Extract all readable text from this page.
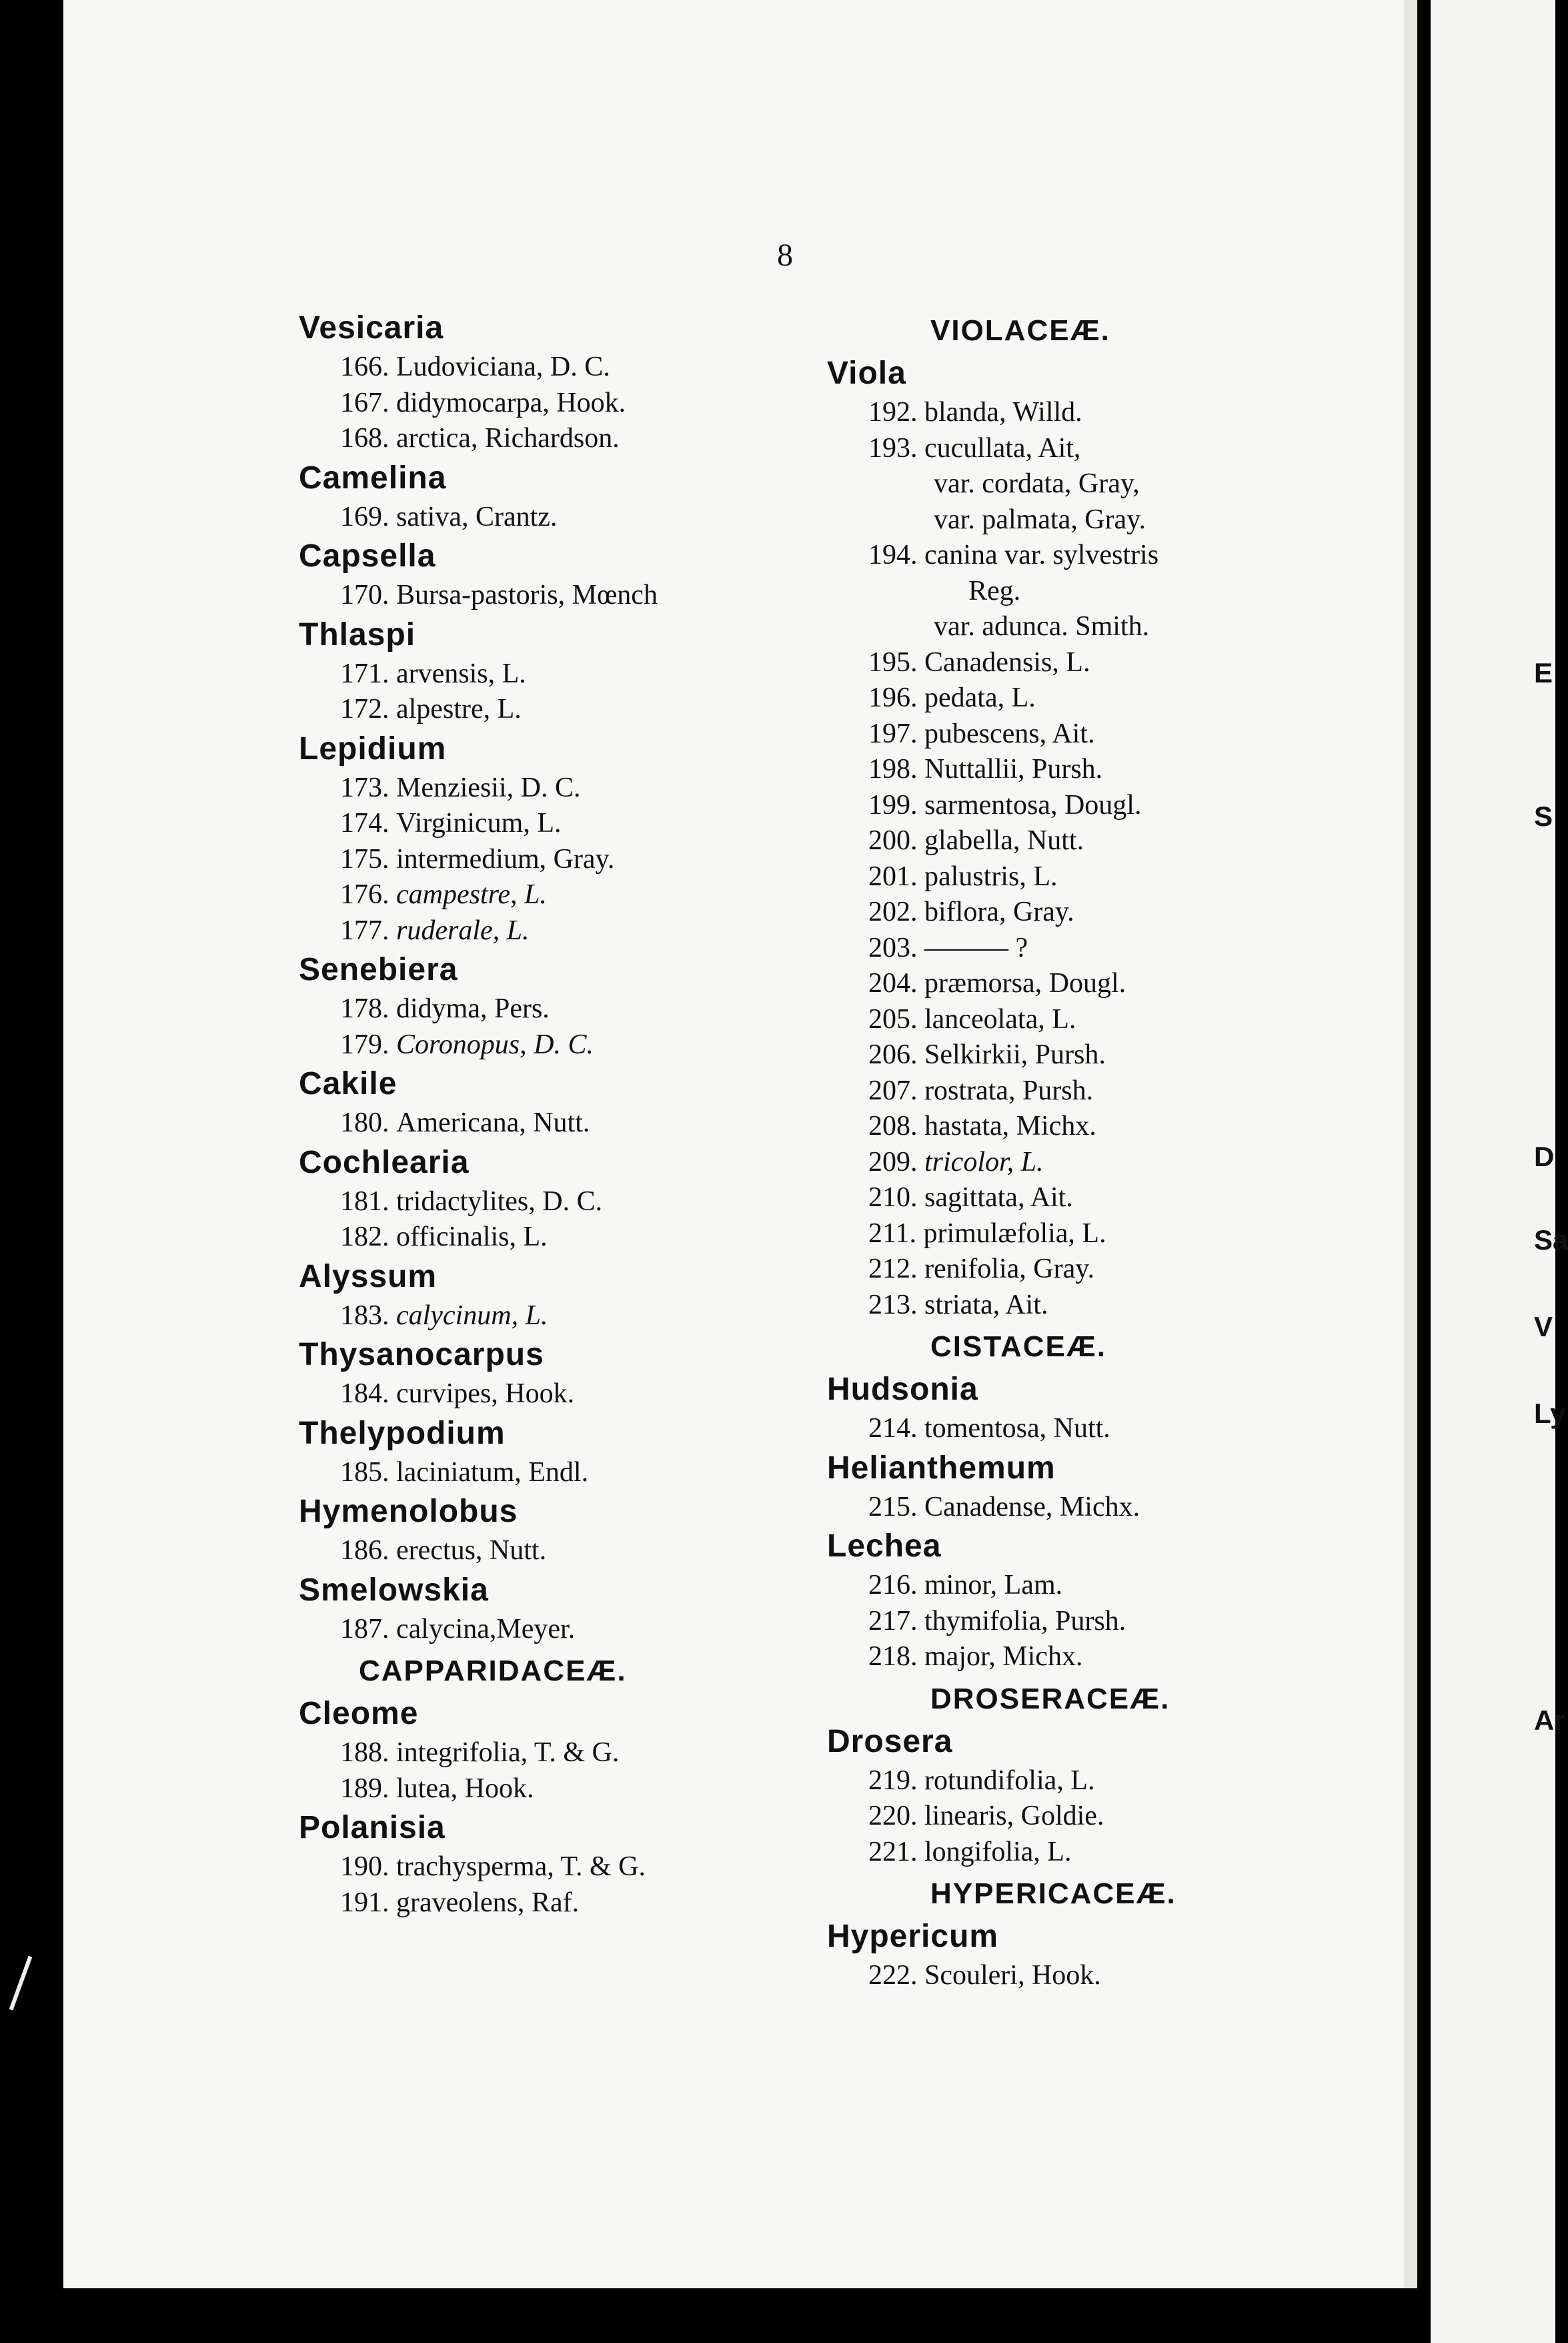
8
Vesicaria
166. Ludoviciana, D. C.
167. didymocarpa, Hook.
168. arctica, Richardson.
Camelina
169. sativa, Crantz.
Capsella
170. Bursa-pastoris, Mœnch
Thlaspi
171. arvensis, L.
172. alpestre, L.
Lepidium
173. Menziesii, D. C.
174. Virginicum, L.
175. intermedium, Gray.
176. campestre, L.
177. ruderale, L.
Senebiera
178. didyma, Pers.
179. Coronopus, D. C.
Cakile
180. Americana, Nutt.
Cochlearia
181. tridactylites, D. C.
182. officinalis, L.
Alyssum
183. calycinum, L.
Thysanocarpus
184. curvipes, Hook.
Thelypodium
185. laciniatum, Endl.
Hymenolobus
186. erectus, Nutt.
Smelowskia
187. calycina,Meyer.
CAPPARIDACEÆ.
Cleome
188. integrifolia, T. & G.
189. lutea, Hook.
Polanisia
190. trachysperma, T. & G.
191. graveolens, Raf.
VIOLACEÆ.
Viola
192. blanda, Willd.
193. cucullata, Ait,
var. cordata, Gray,
var. palmata, Gray.
194. canina var. sylvestris
Reg.
var. adunca. Smith.
195. Canadensis, L.
196. pedata, L.
197. pubescens, Ait.
198. Nuttallii, Pursh.
199. sarmentosa, Dougl.
200. glabella, Nutt.
201. palustris, L.
202. biflora, Gray.
203. ——— ?
204. præmorsa, Dougl.
205. lanceolata, L.
206. Selkirkii, Pursh.
207. rostrata, Pursh.
208. hastata, Michx.
209. tricolor, L.
210. sagittata, Ait.
211. primulæfolia, L.
212. renifolia, Gray.
213. striata, Ait.
CISTACEÆ.
Hudsonia
214. tomentosa, Nutt.
Helianthemum
215. Canadense, Michx.
Lechea
216. minor, Lam.
217. thymifolia, Pursh.
218. major, Michx.
DROSERACEÆ.
Drosera
219. rotundifolia, L.
220. linearis, Goldie.
221. longifolia, L.
HYPERICACEÆ.
Hypericum
222. Scouleri, Hook.
E
S
D
Sa
V
Ly
Ar
